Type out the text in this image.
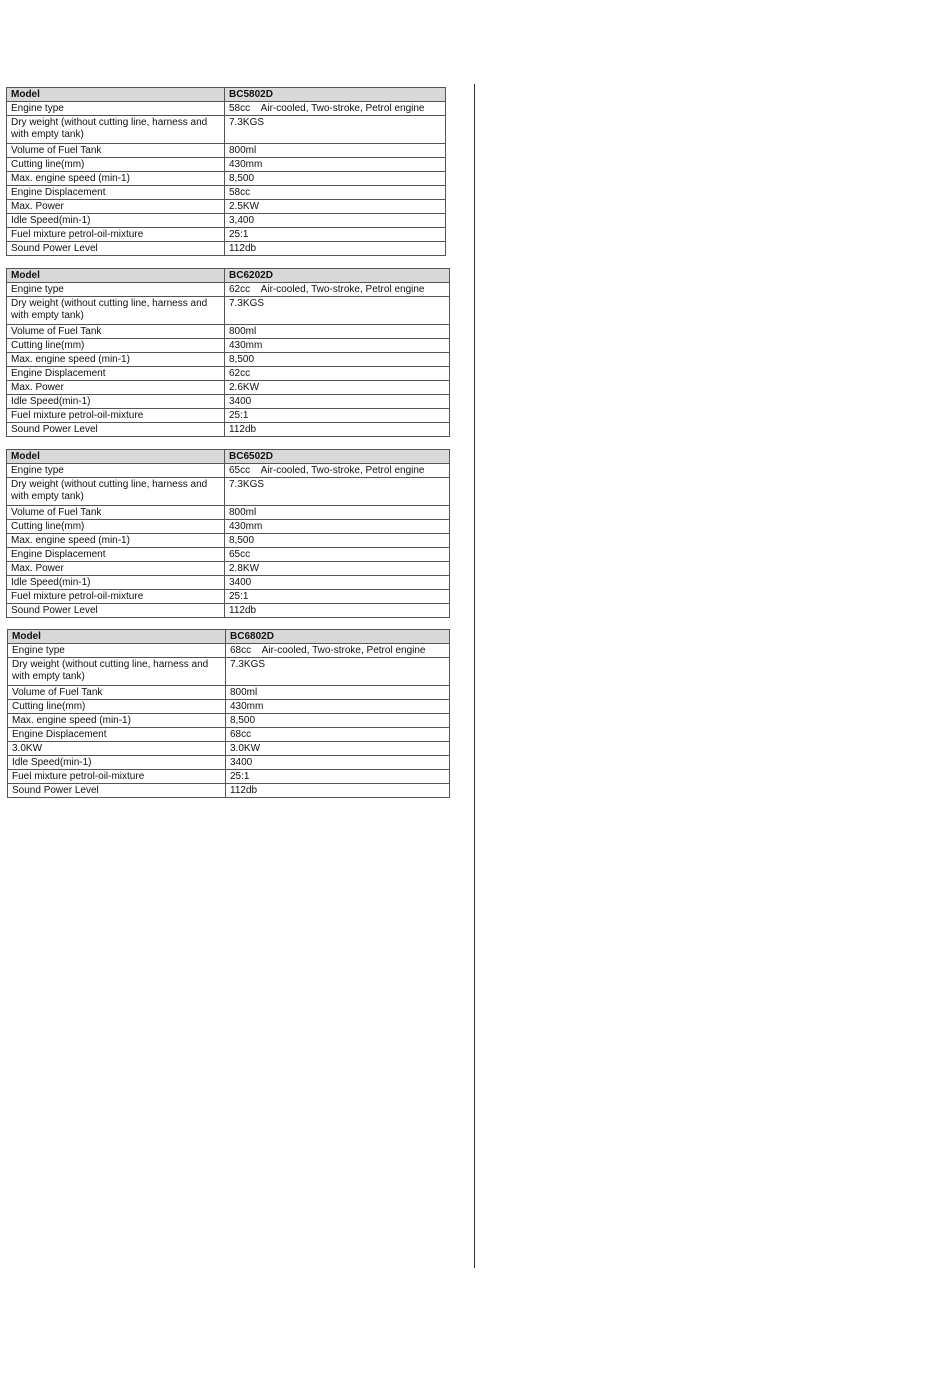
Model	BC5802D
Engine type	58cc    Air-cooled, Two-stroke, Petrol engine
Dry weight (without cutting line, harness and with empty tank)	7.3KGS
Volume of Fuel Tank	800ml
Cutting line(mm)	430mm
Max. engine speed (min-1)	8,500
Engine Displacement	58cc
Max. Power	2.5KW
Idle Speed(min-1)	3,400
Fuel mixture petrol-oil-mixture	25:1
Sound Power Level	112db
Model	BC6202D
Engine type	62cc    Air-cooled, Two-stroke, Petrol engine
Dry weight (without cutting line, harness and with empty tank)	7.3KGS
Volume of Fuel Tank	800ml
Cutting line(mm)	430mm
Max. engine speed (min-1)	8,500
Engine Displacement	62cc
Max. Power	2.6KW
Idle Speed(min-1)	3400
Fuel mixture petrol-oil-mixture	25:1
Sound Power Level	112db
Model	BC6502D
Engine type	65cc    Air-cooled, Two-stroke, Petrol engine
Dry weight (without cutting line, harness and with empty tank)	7.3KGS
Volume of Fuel Tank	800ml
Cutting line(mm)	430mm
Max. engine speed (min-1)	8,500
Engine Displacement	65cc
Max. Power	2.8KW
Idle Speed(min-1)	3400
Fuel mixture petrol-oil-mixture	25:1
Sound Power Level	112db
Model	BC6802D
Engine type	68cc    Air-cooled, Two-stroke, Petrol engine
Dry weight (without cutting line, harness and with empty tank)	7.3KGS
Volume of Fuel Tank	800ml
Cutting line(mm)	430mm
Max. engine speed (min-1)	8,500
Engine Displacement	68cc
3.0KW	3.0KW
Idle Speed(min-1)	3400
Fuel mixture petrol-oil-mixture	25:1
Sound Power Level	112db
